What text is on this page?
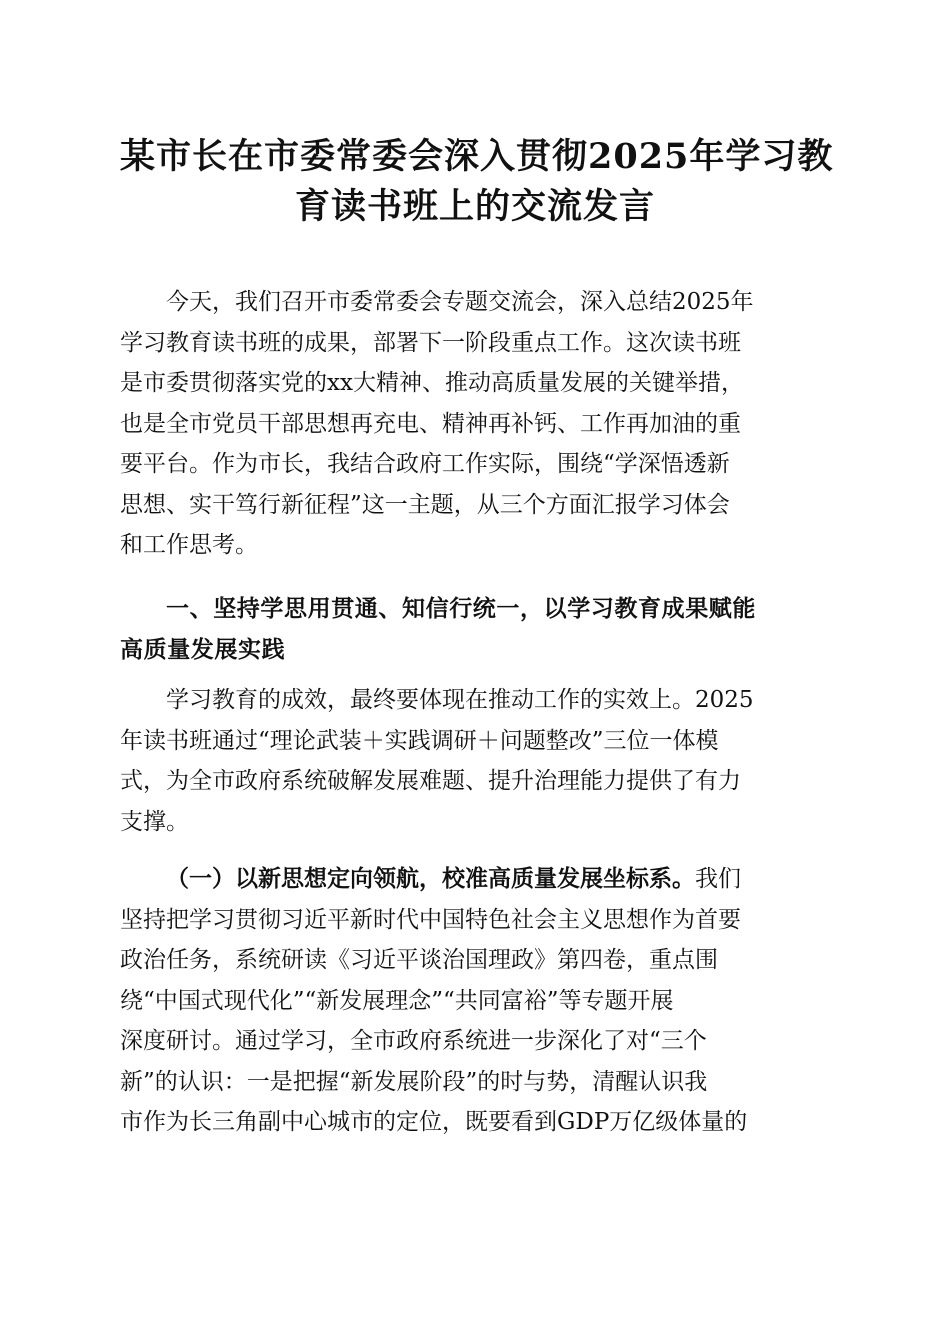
某市长在市委常委会深入贯彻2025年学习教
育读书班上的交流发言
今天，我们召开市委常委会专题交流会，深入总结2025年
学习教育读书班的成果，部署下一阶段重点工作。这次读书班
是市委贯彻落实党的xx大精神、推动高质量发展的关键举措，
也是全市党员干部思想再充电、精神再补钙、工作再加油的重
要平台。作为市长，我结合政府工作实际，围绕“学深悟透新
思想、实干笃行新征程”这一主题，从三个方面汇报学习体会
和工作思考。
一、坚持学思用贯通、知信行统一，以学习教育成果赋能
高质量发展实践
学习教育的成效，最终要体现在推动工作的实效上。2025
年读书班通过“理论武装＋实践调研＋问题整改”三位一体模
式，为全市政府系统破解发展难题、提升治理能力提供了有力
支撑。
（一）以新思想定向领航，校准高质量发展坐标系。我们
坚持把学习贯彻习近平新时代中国特色社会主义思想作为首要
政治任务，系统研读《习近平谈治国理政》第四卷，重点围
绕“中国式现代化”“新发展理念”“共同富裕”等专题开展
深度研讨。通过学习，全市政府系统进一步深化了对“三个
新”的认识：一是把握“新发展阶段”的时与势，清醒认识我
市作为长三角副中心城市的定位，既要看到GDP万亿级体量的
